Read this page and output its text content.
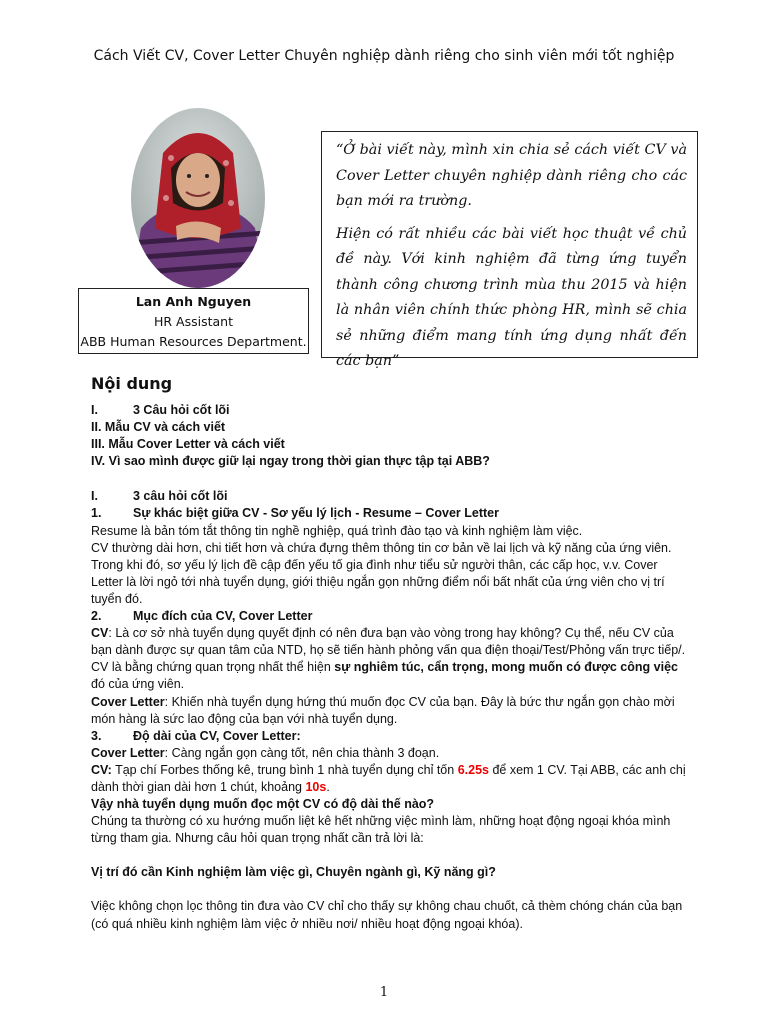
Cách Viết CV, Cover Letter Chuyên nghiệp dành riêng cho sinh viên mới tốt nghiệp
Lan Anh Nguyen
HR Assistant
ABB Human Resources Department.

“Ở bài viết này, mình xin chia sẻ cách viết CV và Cover Letter chuyên nghiệp dành riêng cho các bạn mới ra trường.

Hiện có rất nhiều các bài viết học thuật về chủ đề này. Với kinh nghiệm đã từng ứng tuyển thành công chương trình mùa thu 2015 và hiện là nhân viên chính thức phòng HR, mình sẽ chia sẻ những điểm mang tính ứng dụng nhất đến các bạn”

Nội dung
I.	3 Câu hỏi cốt lõi
II. Mẫu CV và cách viết
III. Mẫu Cover Letter và cách viết
IV. Vì sao mình được giữ lại ngay trong thời gian thực tập tại ABB?
I.	3 câu hỏi cốt lõi
1.	Sự khác biệt giữa CV - Sơ yếu lý lịch - Resume – Cover Letter
Resume là bản tóm tắt thông tin nghề nghiệp, quá trình đào tạo và kinh nghiệm làm việc.
CV thường dài hơn, chi tiết hơn và chứa đựng thêm thông tin cơ bản về lai lịch và kỹ năng của ứng viên. Trong khi đó, sơ yếu lý lịch đề cập đến yếu tố gia đình như tiểu sử người thân, các cấp học, v.v. Cover Letter là lời ngỏ tới nhà tuyển dụng, giới thiệu ngắn gọn những điểm nổi bất nhất của ứng viên cho vị trí tuyển đó.
2.	Mục đích của CV, Cover Letter
CV: Là cơ sở nhà tuyển dụng quyết định có nên đưa bạn vào vòng trong hay không? Cụ thể, nếu CV của bạn dành được sự quan tâm của NTD, họ sẽ tiến hành phỏng vấn qua điện thoại/Test/Phỏng vấn trực tiếp/. CV là bằng chứng quan trọng nhất thể hiện sự nghiêm túc, cẩn trọng, mong muốn có được công việc đó của ứng viên.
Cover Letter: Khiến nhà tuyển dụng hứng thú muốn đọc CV của bạn. Đây là bức thư ngắn gọn chào mời món hàng là sức lao động của bạn với nhà tuyển dụng.
3.	Độ dài của CV, Cover Letter:
Cover Letter: Càng ngắn gọn càng tốt, nên chia thành 3 đoạn.
CV: Tạp chí Forbes thống kê, trung bình 1 nhà tuyển dụng chỉ tốn 6.25s để xem 1 CV. Tại ABB, các anh chị dành thời gian dài hơn 1 chút, khoảng 10s.
Vậy nhà tuyển dụng muốn đọc một CV có độ dài thế nào?
Chúng ta thường có xu hướng muốn liệt kê hết những việc mình làm, những hoạt động ngoại khóa mình từng tham gia. Nhưng câu hỏi quan trọng nhất cần trả lời là:
Vị trí đó cần Kinh nghiệm làm việc gì, Chuyên ngành gì, Kỹ năng gì?
Việc không chọn lọc thông tin đưa vào CV chỉ cho thấy sự không chau chuốt, cả thèm chóng chán của bạn (có quá nhiều kinh nghiệm làm việc ở nhiều nơi/ nhiều hoạt động ngoại khóa).
1
